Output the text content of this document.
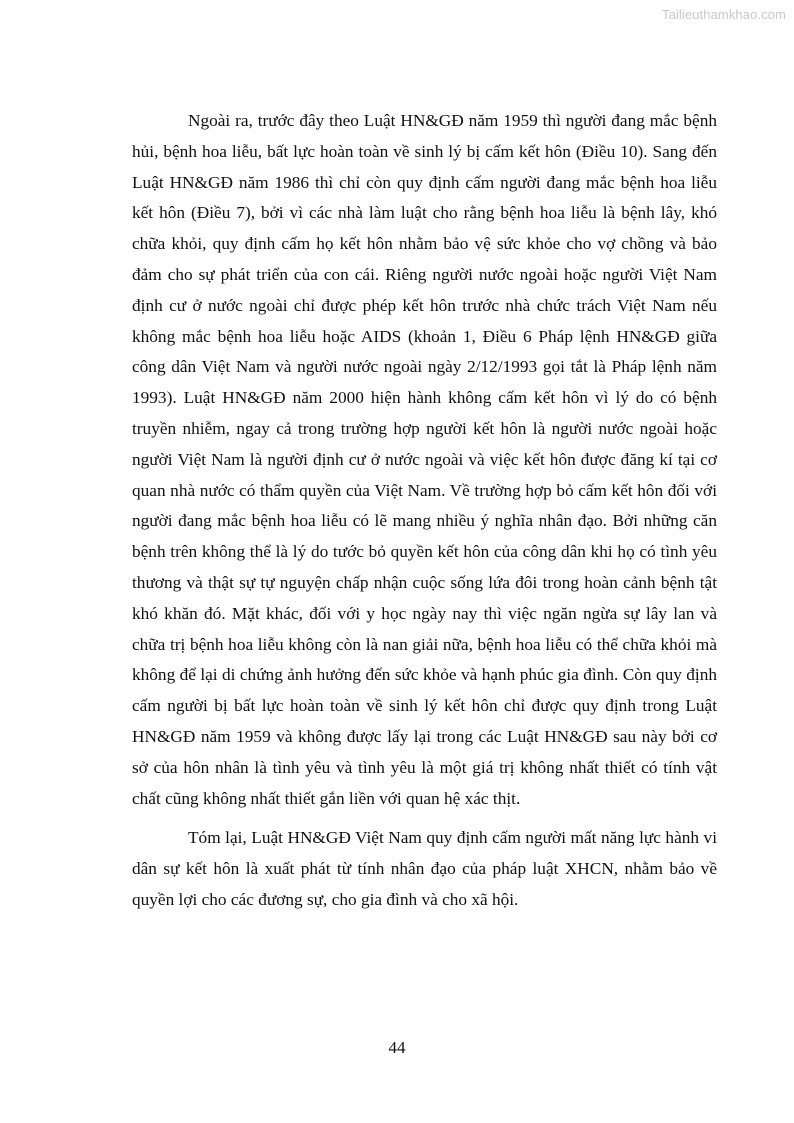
Tailieuthamkhao.com

Ngoài ra, trước đây theo Luật HN&GĐ năm 1959 thì người đang mắc bệnh hủi, bệnh hoa liễu, bất lực hoàn toàn về sinh lý bị cấm kết hôn (Điều 10). Sang đến Luật HN&GĐ năm 1986 thì chỉ còn quy định cấm người đang mắc bệnh hoa liễu kết hôn (Điều 7), bởi vì các nhà làm luật cho rằng bệnh hoa liễu là bệnh lây, khó chữa khỏi, quy định cấm họ kết hôn nhằm bảo vệ sức khỏe cho vợ chồng và bảo đảm cho sự phát triển của con cái. Riêng người nước ngoài hoặc người Việt Nam định cư ở nước ngoài chỉ được phép kết hôn trước nhà chức trách Việt Nam nếu không mắc bệnh hoa liễu hoặc AIDS (khoản 1, Điều 6 Pháp lệnh HN&GĐ giữa công dân Việt Nam và người nước ngoài ngày 2/12/1993 gọi tắt là Pháp lệnh năm 1993). Luật HN&GĐ năm 2000 hiện hành không cấm kết hôn vì lý do có bệnh truyền nhiễm, ngay cả trong trường hợp người kết hôn là người nước ngoài hoặc người Việt Nam là người định cư ở nước ngoài và việc kết hôn được đăng kí tại cơ quan nhà nước có thẩm quyền của Việt Nam. Về trường hợp bỏ cấm kết hôn đối với người đang mắc bệnh hoa liễu có lẽ mang nhiều ý nghĩa nhân đạo. Bởi những căn bệnh trên không thể là lý do tước bỏ quyền kết hôn của công dân khi họ có tình yêu thương và thật sự tự nguyện chấp nhận cuộc sống lứa đôi trong hoàn cảnh bệnh tật khó khăn đó. Mặt khác, đối với y học ngày nay thì việc ngăn ngừa sự lây lan và chữa trị bệnh hoa liễu không còn là nan giải nữa, bệnh hoa liễu có thể chữa khỏi mà không để lại di chứng ảnh hưởng đến sức khỏe và hạnh phúc gia đình. Còn quy định cấm người bị bất lực hoàn toàn về sinh lý kết hôn chỉ được quy định trong Luật HN&GĐ năm 1959 và không được lấy lại trong các Luật HN&GĐ sau này bởi cơ sở của hôn nhân là tình yêu và tình yêu là một giá trị không nhất thiết có tính vật chất cũng không nhất thiết gắn liền với quan hệ xác thịt.

Tóm lại, Luật HN&GĐ Việt Nam quy định cấm người mất năng lực hành vi dân sự kết hôn là xuất phát từ tính nhân đạo của pháp luật XHCN, nhằm bảo về quyền lợi cho các đương sự, cho gia đình và cho xã hội.

44
